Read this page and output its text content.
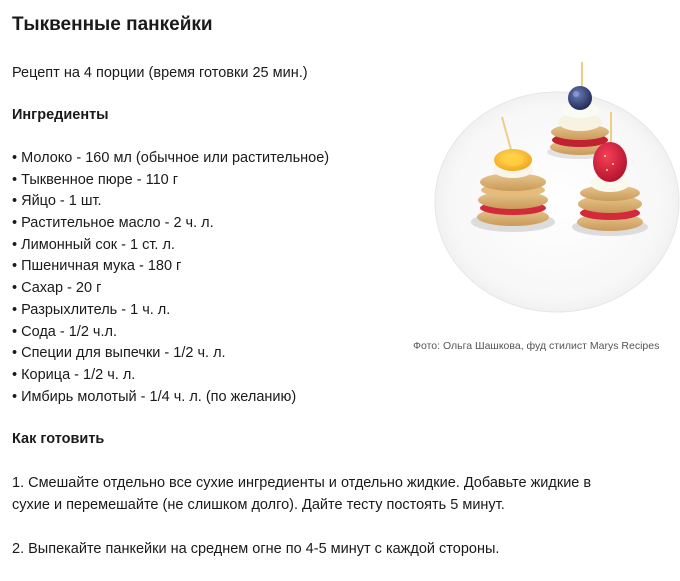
Тыквенные панкейки
Рецепт на 4 порции (время готовки 25 мин.)
Ингредиенты
• Молоко - 160 мл (обычное или растительное)
• Тыквенное пюре - 110 г
• Яйцо - 1 шт.
• Растительное масло - 2 ч. л.
• Лимонный сок - 1 ст. л.
• Пшеничная мука - 180 г
• Сахар - 20 г
• Разрыхлитель - 1 ч. л.
• Сода - 1/2 ч.л.
• Специи для выпечки - 1/2 ч. л.
• Корица - 1/2 ч. л.
• Имбирь молотый - 1/4 ч. л. (по желанию)
Фото: Ольга Шашкова, фуд стилист Marys Recipes
Как готовить
1. Смешайте отдельно все сухие ингредиенты и отдельно жидкие. Добавьте жидкие в
сухие и перемешайте (не слишком долго). Дайте тесту постоять 5 минут.
2. Выпекайте панкейки на среднем огне по 4-5 минут с каждой стороны.
